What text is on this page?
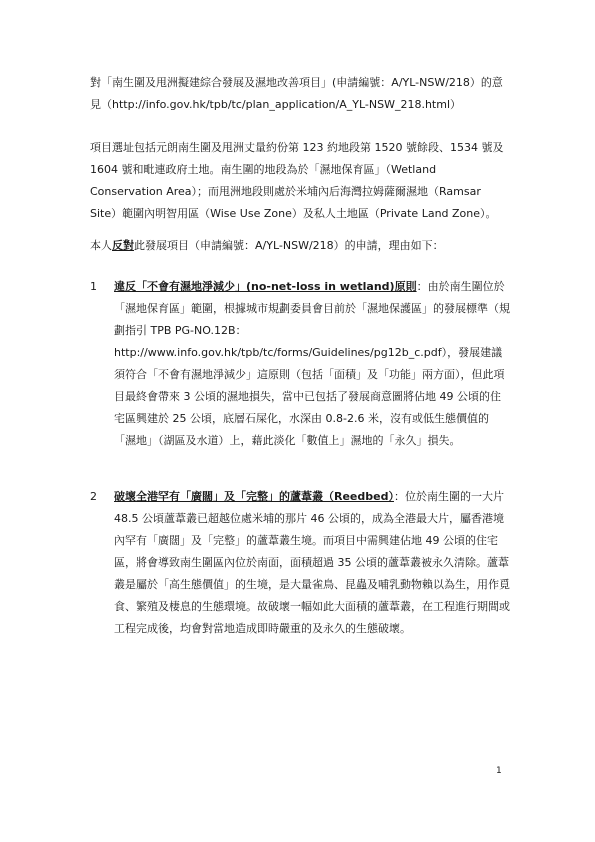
對「南生圍及甩洲擬建綜合發展及濕地改善項目」(申請編號：A/YL-NSW/218）的意見（http://info.gov.hk/tpb/tc/plan_application/A_YL-NSW_218.html）

項目選址包括元朗南生圍及甩洲丈量約份第 123 約地段第 1520 號餘段、1534 號及 1604 號和毗連政府土地。南生圍的地段為於「濕地保育區」（Wetland Conservation Area）；而甩洲地段則處於米埔內后海灣拉姆薩爾濕地（Ramsar Site）範圍內明智用區（Wise Use Zone）及私人土地區（Private Land Zone）。

本人反對此發展項目（申請編號：A/YL-NSW/218）的申請，理由如下：

1	違反「不會有濕地淨減少」(no-net-loss in wetland)原則：由於南生圍位於「濕地保育區」範圍，根據城市規劃委員會目前於「濕地保護區」的發展標準（規劃指引 TPB PG-NO.12B：http://www.info.gov.hk/tpb/tc/forms/Guidelines/pg12b_c.pdf），發展建議須符合「不會有濕地淨減少」這原則（包括「面積」及「功能」兩方面），但此項目最終會帶來 3 公頃的濕地損失，當中已包括了發展商意圖將佔地 49 公頃的住宅區興建於 25 公頃，底層石屎化，水深由 0.8-2.6 米，沒有或低生態價值的「濕地」（湖區及水道）上，藉此淡化「數值上」濕地的「永久」損失。

2	破壞全港罕有「廣闊」及「完整」的蘆葦叢（Reedbed）：位於南生圍的一大片 48.5 公頃蘆葦叢已超越位處米埔的那片 46 公頃的，成為全港最大片，屬香港境內罕有「廣闊」及「完整」的蘆葦叢生境。而項目中需興建佔地 49 公頃的住宅區，將會導致南生圍區內位於南面，面積超過 35 公頃的蘆葦叢被永久清除。蘆葦叢是屬於「高生態價值」的生境，是大量雀鳥、昆蟲及哺乳動物賴以為生，用作覓食、繁殖及棲息的生態環境。故破壞一幅如此大面積的蘆葦叢，在工程進行期間或工程完成後，均會對當地造成即時嚴重的及永久的生態破壞。

1
